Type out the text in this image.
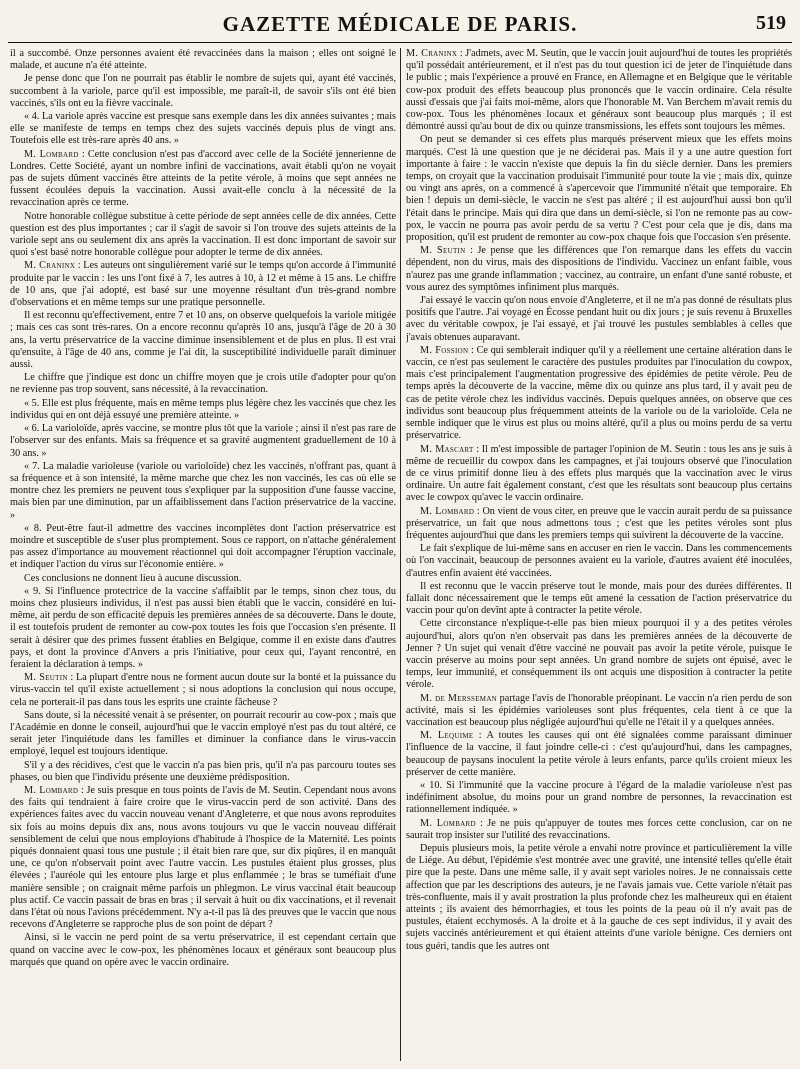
GAZETTE MÉDICALE DE PARIS.	519

il a succombé. Onze personnes avaient été revaccinées dans la maison ; elles ont soigné le malade, et aucune n'a été atteinte.

Je pense donc que l'on ne pourrait pas établir le nombre de sujets qui, ayant été vaccinés, succombent à la variole, parce qu'il est impossible, me paraît-il, de savoir s'ils ont été bien vaccinés, s'ils ont eu la fièvre vaccinale.

« 4. La variole après vaccine est presque sans exemple dans les dix années suivantes ; mais elle se manifeste de temps en temps chez des sujets vaccinés depuis plus de vingt ans. Toutefois elle est très-rare après 40 ans. »

M. Lombard : Cette conclusion n'est pas d'accord avec celle de la Société jennerienne de Londres. Cette Société, ayant un nombre infini de vaccinations, avait établi qu'on ne voyait pas de sujets dûment vaccinés être atteints de la petite vérole, à moins que sept années ne fussent écoulées depuis la vaccination. Aussi avait-elle conclu à la nécessité de la revaccination après ce terme.

Notre honorable collègue substitue à cette période de sept années celle de dix années. Cette question est des plus importantes ; car il s'agit de savoir si l'on trouve des sujets atteints de la variole sept ans ou seulement dix ans après la vaccination. Il est donc important de savoir sur quoi s'est basé notre honorable collègue pour adopter le terme de dix années.

M. Craninx : Les auteurs ont singulièrement varié sur le temps qu'on accorde à l'immunité produite par le vaccin : les uns l'ont fixé à 7, les autres à 10, à 12 et même à 15 ans. Le chiffre de 10 ans, que j'ai adopté, est basé sur une moyenne résultant d'un très-grand nombre d'observations et en même temps sur une pratique personnelle.

Il est reconnu qu'effectivement, entre 7 et 10 ans, on observe quelquefois la variole mitigée ; mais ces cas sont très-rares. On a encore reconnu qu'après 10 ans, jusqu'à l'âge de 20 à 30 ans, la vertu préservatrice de la vaccine diminue insensiblement et de plus en plus. Il est vrai qu'ensuite, à l'âge de 40 ans, comme je l'ai dit, la susceptibilité individuelle paraît diminuer aussi.

Le chiffre que j'indique est donc un chiffre moyen que je crois utile d'adopter pour qu'on ne revienne pas trop souvent, sans nécessité, à la revaccination.

« 5. Elle est plus fréquente, mais en même temps plus légère chez les vaccinés que chez les individus qui en ont déjà essuyé une première atteinte. »

« 6. La varioloïde, après vaccine, se montre plus tôt que la variole ; ainsi il n'est pas rare de l'observer sur des enfants. Mais sa fréquence et sa gravité augmentent graduellement de 10 à 30 ans. »

« 7. La maladie varioleuse (variole ou varioloïde) chez les vaccinés, n'offrant pas, quant à sa fréquence et à son intensité, la même marche que chez les non vaccinés, les cas où elle se montre chez les premiers ne peuvent tous s'expliquer par la supposition d'une fausse vaccine, mais bien par une diminution, par un affaiblissement dans l'action préservatrice de la vaccine. »

« 8. Peut-être faut-il admettre des vaccines incomplètes dont l'action préservatrice est moindre et susceptible de s'user plus promptement. Sous ce rapport, on n'attache généralement pas assez d'importance au mouvement réactionnel qui doit accompagner l'éruption vaccinale, et indiquer l'action du virus sur l'économie entière. »

Ces conclusions ne donnent lieu à aucune discussion.

« 9. Si l'influence protectrice de la vaccine s'affaiblit par le temps, sinon chez tous, du moins chez plusieurs individus, il n'est pas aussi bien établi que le vaccin, considéré en lui-même, ait perdu de son efficacité depuis les premières années de sa découverte. Dans le doute, il est toutefois prudent de remonter au cow-pox toutes les fois que l'occasion s'en présente. Il serait à désirer que des primes fussent établies en Belgique, comme il en existe dans d'autres pays, et dont la province d'Anvers a pris l'initiative, pour ceux qui, l'ayant rencontré, en feraient la déclaration à temps. »

M. Seutin : La plupart d'entre nous ne forment aucun doute sur la bonté et la puissance du virus-vaccin tel qu'il existe actuellement ; si nous adoptions la conclusion qui nous occupe, cela ne porterait-il pas dans tous les esprits une crainte fâcheuse ?

Sans doute, si la nécessité venait à se présenter, on pourrait recourir au cow-pox ; mais que l'Académie en donne le conseil, aujourd'hui que le vaccin employé n'est pas du tout altéré, ce serait jeter l'inquiétude dans les familles et diminuer la confiance dans le virus-vaccin employé, lequel est toujours identique.

S'il y a des récidives, c'est que le vaccin n'a pas bien pris, qu'il n'a pas parcouru toutes ses phases, ou bien que l'individu présente une deuxième prédisposition.

M. Lombard : Je suis presque en tous points de l'avis de M. Seutin. Cependant nous avons des faits qui tendraient à faire croire que le virus-vaccin perd de son activité. Dans des expériences faites avec du vaccin nouveau venant d'Angleterre, et que nous avons reproduites six fois au moins depuis dix ans, nous avons toujours vu que le vaccin nouveau différait sensiblement de celui que nous employions d'habitude à l'hospice de la Maternité. Les points piqués donnaient quasi tous une pustule ; il était bien rare que, sur dix piqûres, il en manquât une, ce qu'on n'observait point avec l'autre vaccin. Les pustules étaient plus grosses, plus élevées ; l'auréole qui les entoure plus large et plus enflammée ; le bras se tuméfiait d'une manière sensible ; on craignait même parfois un phlegmon. Le virus vaccinal était beaucoup plus actif. Ce vaccin passait de bras en bras ; il servait à huit ou dix vaccinations, et il revenait dans l'état où nous l'avions précédemment. N'y a-t-il pas là des preuves que le vaccin que nous recevons d'Angleterre se rapproche plus de son point de départ ?

Ainsi, si le vaccin ne perd point de sa vertu préservatrice, il est cependant certain que quand on vaccine avec le cow-pox, les phénomènes locaux et généraux sont beaucoup plus marqués que quand on opère avec le vaccin ordinaire.

M. Craninx : J'admets, avec M. Seutin, que le vaccin jouit aujourd'hui de toutes les propriétés qu'il possédait antérieurement, et il n'est pas du tout question ici de jeter de l'inquiétude dans le public ; mais l'expérience a prouvé en France, en Allemagne et en Belgique que le véritable cow-pox produit des effets beaucoup plus prononcés que le vaccin ordinaire. Cela résulte aussi d'essais que j'ai faits moi-même, alors que l'honorable M. Van Berchem m'avait remis du cow-pox. Tous les phénomènes locaux et généraux sont beaucoup plus marqués ; il est démontré aussi qu'au bout de dix ou quinze transmissions, les effets sont toujours les mêmes.

On peut se demander si ces effets plus marqués préservent mieux que les effets moins marqués. C'est là une question que je ne déciderai pas. Mais il y a une autre question fort importante à faire : le vaccin n'existe que depuis la fin du siècle dernier. Dans les premiers temps, on croyait que la vaccination produisait l'immunité pour toute la vie ; mais dix, quinze ou vingt ans après, on a commencé à s'apercevoir que l'immunité n'était que temporaire. Eh bien ! depuis un demi-siècle, le vaccin ne s'est pas altéré ; il est aujourd'hui aussi bon qu'il l'était dans le principe. Mais qui dira que dans un demi-siècle, si l'on ne remonte pas au cow-pox, le vaccin ne pourra pas avoir perdu de sa vertu ? C'est pour cela que je dis, dans ma proposition, qu'il est prudent de remonter au cow-pox chaque fois que l'occasion s'en présente.

M. Seutin : Je pense que les différences que l'on remarque dans les effets du vaccin dépendent, non du virus, mais des dispositions de l'individu. Vaccinez un enfant faible, vous n'aurez pas une grande inflammation ; vaccinez, au contraire, un enfant d'une santé robuste, et vous aurez des symptômes infiniment plus marqués.

J'ai essayé le vaccin qu'on nous envoie d'Angleterre, et il ne m'a pas donné de résultats plus positifs que l'autre. J'ai voyagé en Écosse pendant huit ou dix jours ; je suis revenu à Bruxelles avec du véritable cowpox, je l'ai essayé, et j'ai trouvé les pustules semblables à celles que j'avais obtenues auparavant.

M. Fossion : Ce qui semblerait indiquer qu'il y a réellement une certaine altération dans le vaccin, ce n'est pas seulement le caractère des pustules produites par l'inoculation du cowpox, mais c'est principalement l'augmentation progressive des épidémies de petite vérole. Peu de temps après la découverte de la vaccine, même dix ou quinze ans plus tard, il y avait peu de cas de petite vérole chez les individus vaccinés. Depuis quelques années, on observe que ces individus sont beaucoup plus fréquemment atteints de la variole ou de la varioloïde. Cela ne semble indiquer que le virus est plus ou moins altéré, qu'il a plus ou moins perdu de sa vertu préservatrice.

M. Mascart : Il m'est impossible de partager l'opinion de M. Seutin : tous les ans je suis à même de recueillir du cowpox dans les campagnes, et j'ai toujours observé que l'inoculation de ce virus primitif donne lieu à des effets plus marqués que la vaccination avec le virus ordinaire. Un autre fait également constant, c'est que les résultats sont beaucoup plus certains avec le cowpox qu'avec le vaccin ordinaire.

M. Lombard : On vient de vous citer, en preuve que le vaccin aurait perdu de sa puissance préservatrice, un fait que nous admettons tous ; c'est que les petites véroles sont plus fréquentes aujourd'hui que dans les premiers temps qui suivirent la découverte de la vaccine.

Le fait s'explique de lui-même sans en accuser en rien le vaccin. Dans les commencements où l'on vaccinait, beaucoup de personnes avaient eu la variole, d'autres avaient été inoculées, d'autres enfin avaient été vaccinées.

Il est reconnu que le vaccin préserve tout le monde, mais pour des durées différentes. Il fallait donc nécessairement que le temps eût amené la cessation de l'action préservatrice du vaccin pour qu'on devînt apte à contracter la petite vérole.

Cette circonstance n'explique-t-elle pas bien mieux pourquoi il y a des petites véroles aujourd'hui, alors qu'on n'en observait pas dans les premières années de la découverte de Jenner ? Un sujet qui venait d'être vacciné ne pouvait pas avoir la petite vérole, puisque le vaccin préserve au moins pour sept années. Un grand nombre de sujets ont épuisé, avec le temps, leur immunité, et conséquemment ils ont acquis une disposition à contracter la petite vérole.

M. de Mersseman partage l'avis de l'honorable préopinant. Le vaccin n'a rien perdu de son activité, mais si les épidémies varioleuses sont plus fréquentes, cela tient à ce que la vaccination est beaucoup plus négligée aujourd'hui qu'elle ne l'était il y a quelques années.

M. Lequime : A toutes les causes qui ont été signalées comme paraissant diminuer l'influence de la vaccine, il faut joindre celle-ci : c'est qu'aujourd'hui, dans les campagnes, beaucoup de paysans inoculent la petite vérole à leurs enfants, parce qu'ils croient mieux les préserver de cette manière.

« 10. Si l'immunité que la vaccine procure à l'égard de la maladie varioleuse n'est pas indéfiniment absolue, du moins pour un grand nombre de personnes, la revaccination est rationnellement indiquée. »

M. Lombard : Je ne puis qu'appuyer de toutes mes forces cette conclusion, car on ne saurait trop insister sur l'utilité des revaccinations.

Depuis plusieurs mois, la petite vérole a envahi notre province et particulièrement la ville de Liége. Au début, l'épidémie s'est montrée avec une gravité, une intensité telles qu'elle était pire que la peste. Dans une même salle, il y avait sept varioles noires. Je ne connaissais cette affection que par les descriptions des auteurs, je ne l'avais jamais vue. Cette variole n'était pas très-confluente, mais il y avait prostration la plus profonde chez les malheureux qui en étaient atteints ; ils avaient des hémorrhagies, et tous les points de la peau où il n'y avait pas de pustules, étaient ecchymosés. A la droite et à la gauche de ces sept individus, il y avait des sujets vaccinés antérieurement et qui étaient atteints d'une variole bénigne. Ces derniers ont tous guéri, tandis que les autres ont
